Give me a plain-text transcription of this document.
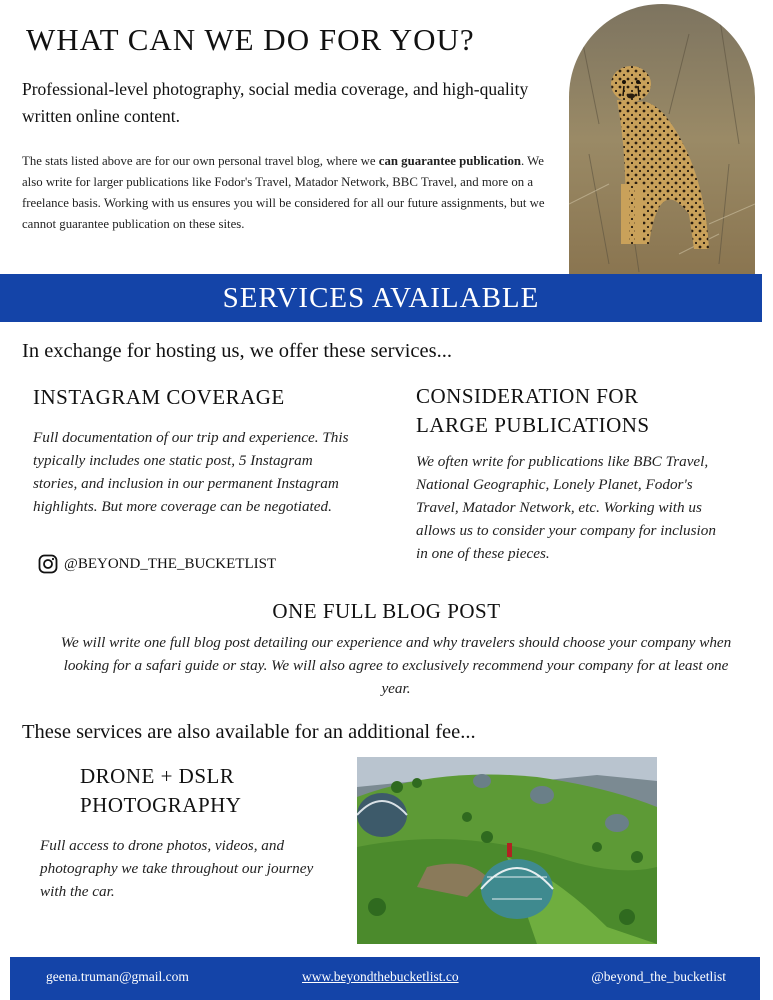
WHAT CAN WE DO FOR YOU?

Professional-level photography, social media coverage, and high-quality written online content.

The stats listed above are for our own personal travel blog, where we can guarantee publication. We also write for larger publications like Fodor's Travel, Matador Network, BBC Travel, and more on a freelance basis. Working with us ensures you will be considered for all our future assignments, but we cannot guarantee publication on these sites.

SERVICES AVAILABLE
In exchange for hosting us, we offer these services...
INSTAGRAM COVERAGE

Full documentation of our trip and experience. This typically includes one static post, 5 Instagram stories, and inclusion in our permanent Instagram highlights. But more coverage can be negotiated.

@BEYOND_THE_BUCKETLIST
CONSIDERATION FOR LARGE PUBLICATIONS

We often write for publications like BBC Travel, National Geographic, Lonely Planet, Fodor's Travel, Matador Network, etc. Working with us allows us to consider your company for inclusion in one of these pieces.

ONE FULL BLOG POST

We will write one full blog post detailing our experience and why travelers should choose your company when looking for a safari guide or stay. We will also agree to exclusively recommend your company for at least one year.

These services are also available for an additional fee...
DRONE + DSLR PHOTOGRAPHY

Full access to drone photos, videos, and photography we take throughout our journey with the car.

geena.truman@gmail.com	www.beyondthebucketlist.co	@beyond_the_bucketlist
